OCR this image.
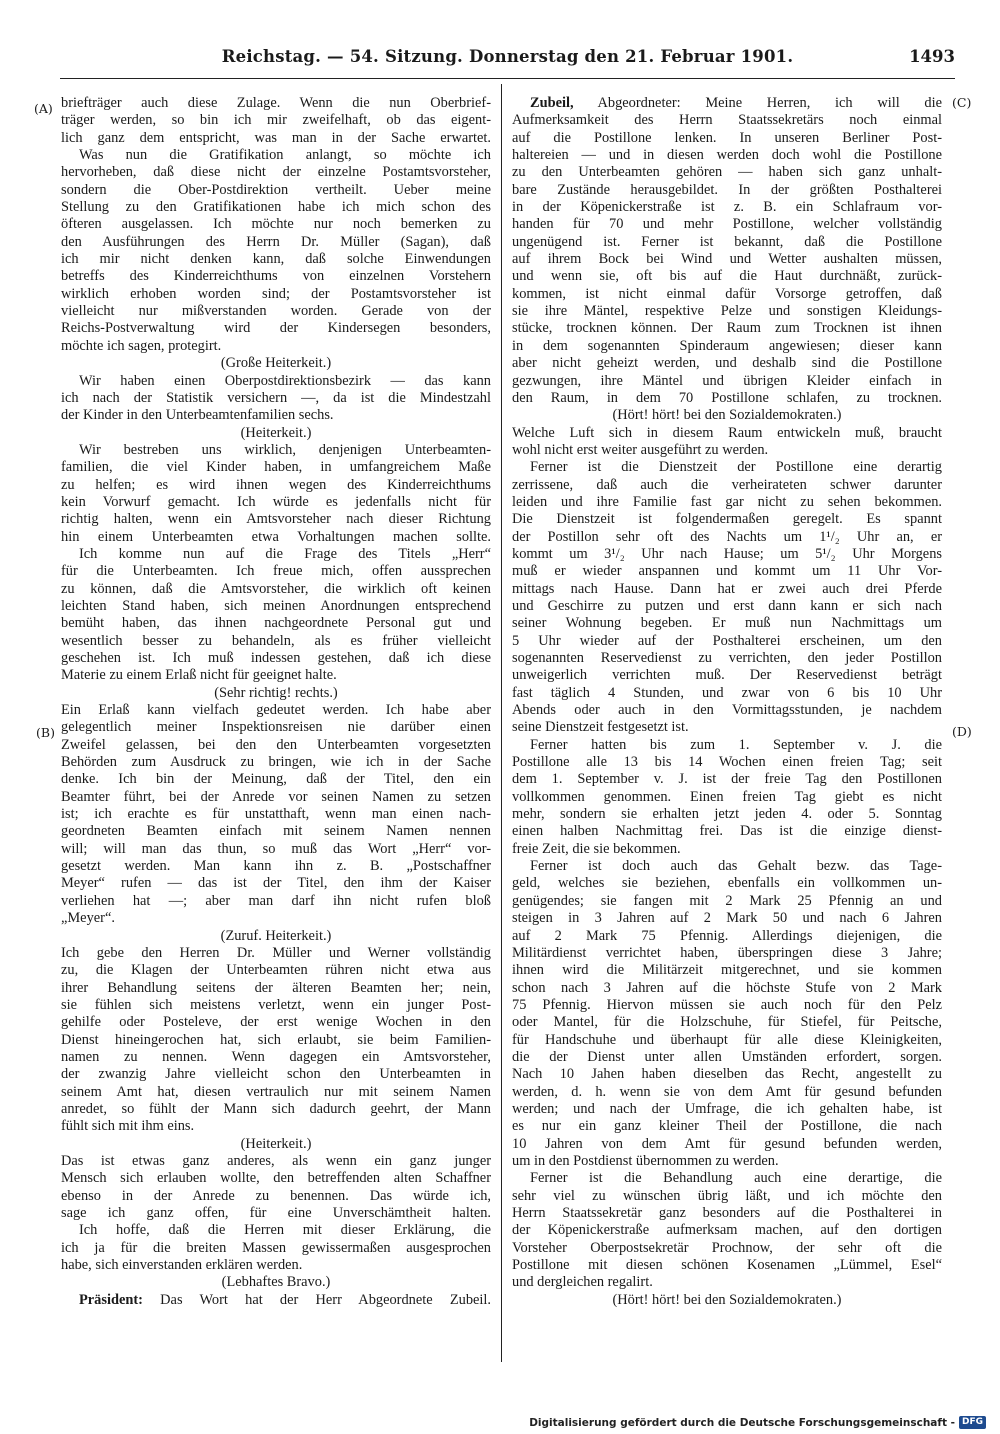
Reichstag. — 54. Sitzung. Donnerstag den 21. Februar 1901.	1493
(A)
(B)
(C)
(D)
briefträger auch diese Zulage. Wenn die nun Oberbrief-
träger werden, so bin ich mir zweifelhaft, ob das eigent-
lich ganz dem entspricht, was man in der Sache erwartet.
Was nun die Gratifikation anlangt, so möchte ich
hervorheben, daß diese nicht der einzelne Postamtsvorsteher,
sondern die Ober-Postdirektion vertheilt. Ueber meine
Stellung zu den Gratifikationen habe ich mich schon des
öfteren ausgelassen. Ich möchte nur noch bemerken zu
den Ausführungen des Herrn Dr. Müller (Sagan), daß
ich mir nicht denken kann, daß solche Einwendungen
betreffs des Kinderreichthums von einzelnen Vorstehern
wirklich erhoben worden sind; der Postamtsvorsteher ist
vielleicht nur mißverstanden worden. Gerade von der
Reichs-Postverwaltung wird der Kindersegen besonders,
möchte ich sagen, protegirt.
(Große Heiterkeit.)
Wir haben einen Oberpostdirektionsbezirk — das kann
ich nach der Statistik versichern —, da ist die Mindestzahl
der Kinder in den Unterbeamtenfamilien sechs.
(Heiterkeit.)
Wir bestreben uns wirklich, denjenigen Unterbeamten-
familien, die viel Kinder haben, in umfangreichem Maße
zu helfen; es wird ihnen wegen des Kinderreichthums
kein Vorwurf gemacht. Ich würde es jedenfalls nicht für
richtig halten, wenn ein Amtsvorsteher nach dieser Richtung
hin einem Unterbeamten etwa Vorhaltungen machen sollte.
Ich komme nun auf die Frage des Titels „Herr“
für die Unterbeamten. Ich freue mich, offen aussprechen
zu können, daß die Amtsvorsteher, die wirklich oft keinen
leichten Stand haben, sich meinen Anordnungen entsprechend
bemüht haben, das ihnen nachgeordnete Personal gut und
wesentlich besser zu behandeln, als es früher vielleicht
geschehen ist. Ich muß indessen gestehen, daß ich diese
Materie zu einem Erlaß nicht für geeignet halte.
(Sehr richtig! rechts.)
Ein Erlaß kann vielfach gedeutet werden. Ich habe aber
gelegentlich meiner Inspektionsreisen nie darüber einen
Zweifel gelassen, bei den den Unterbeamten vorgesetzten
Behörden zum Ausdruck zu bringen, wie ich in der Sache
denke. Ich bin der Meinung, daß der Titel, den ein
Beamter führt, bei der Anrede vor seinen Namen zu setzen
ist; ich erachte es für unstatthaft, wenn man einen nach-
geordneten Beamten einfach mit seinem Namen nennen
will; will man das thun, so muß das Wort „Herr“ vor-
gesetzt werden. Man kann ihn z. B. „Postschaffner
Meyer“ rufen — das ist der Titel, den ihm der Kaiser
verliehen hat —; aber man darf ihn nicht rufen bloß
„Meyer“.
(Zuruf. Heiterkeit.)
Ich gebe den Herren Dr. Müller und Werner vollständig
zu, die Klagen der Unterbeamten rühren nicht etwa aus
ihrer Behandlung seitens der älteren Beamten her; nein,
sie fühlen sich meistens verletzt, wenn ein junger Post-
gehilfe oder Posteleve, der erst wenige Wochen in den
Dienst hineingerochen hat, sich erlaubt, sie beim Familien-
namen zu nennen. Wenn dagegen ein Amtsvorsteher,
der zwanzig Jahre vielleicht schon den Unterbeamten in
seinem Amt hat, diesen vertraulich nur mit seinem Namen
anredet, so fühlt der Mann sich dadurch geehrt, der Mann
fühlt sich mit ihm eins.
(Heiterkeit.)
Das ist etwas ganz anderes, als wenn ein ganz junger
Mensch sich erlauben wollte, den betreffenden alten Schaffner
ebenso in der Anrede zu benennen. Das würde ich,
sage ich ganz offen, für eine Unverschämtheit halten.
Ich hoffe, daß die Herren mit dieser Erklärung, die
ich ja für die breiten Massen gewissermaßen ausgesprochen
habe, sich einverstanden erklären werden.
(Lebhaftes Bravo.)
Präsident: Das Wort hat der Herr Abgeordnete Zubeil.
Zubeil, Abgeordneter: Meine Herren, ich will die
Aufmerksamkeit des Herrn Staatssekretärs noch einmal
auf die Postillone lenken. In unseren Berliner Post-
haltereien — und in diesen werden doch wohl die Postillone
zu den Unterbeamten gehören — haben sich ganz unhalt-
bare Zustände herausgebildet. In der größten Posthalterei
in der Köpenickerstraße ist z. B. ein Schlafraum vor-
handen für 70 und mehr Postillone, welcher vollständig
ungenügend ist. Ferner ist bekannt, daß die Postillone
auf ihrem Bock bei Wind und Wetter aushalten müssen,
und wenn sie, oft bis auf die Haut durchnäßt, zurück-
kommen, ist nicht einmal dafür Vorsorge getroffen, daß
sie ihre Mäntel, respektive Pelze und sonstigen Kleidungs-
stücke, trocknen können. Der Raum zum Trocknen ist ihnen
in dem sogenannten Spinderaum angewiesen; dieser kann
aber nicht geheizt werden, und deshalb sind die Postillone
gezwungen, ihre Mäntel und übrigen Kleider einfach in
den Raum, in dem 70 Postillone schlafen, zu trocknen.
(Hört! hört! bei den Sozialdemokraten.)
Welche Luft sich in diesem Raum entwickeln muß, braucht
wohl nicht erst weiter ausgeführt zu werden.
Ferner ist die Dienstzeit der Postillone eine derartig
zerrissene, daß auch die verheirateten schwer darunter
leiden und ihre Familie fast gar nicht zu sehen bekommen.
Die Dienstzeit ist folgendermaßen geregelt. Es spannt
der Postillon sehr oft des Nachts um 1¹/₂ Uhr an, er
kommt um 3¹/₂ Uhr nach Hause; um 5¹/₂ Uhr Morgens
muß er wieder anspannen und kommt um 11 Uhr Vor-
mittags nach Hause. Dann hat er zwei auch drei Pferde
und Geschirre zu putzen und erst dann kann er sich nach
seiner Wohnung begeben. Er muß nun Nachmittags um
5 Uhr wieder auf der Posthalterei erscheinen, um den
sogenannten Reservedienst zu verrichten, den jeder Postillon
unweigerlich verrichten muß. Der Reservedienst beträgt
fast täglich 4 Stunden, und zwar von 6 bis 10 Uhr
Abends oder auch in den Vormittagsstunden, je nachdem
seine Dienstzeit festgesetzt ist.
Ferner hatten bis zum 1. September v. J. die
Postillone alle 13 bis 14 Wochen einen freien Tag; seit
dem 1. September v. J. ist der freie Tag den Postillonen
vollkommen genommen. Einen freien Tag giebt es nicht
mehr, sondern sie erhalten jetzt jeden 4. oder 5. Sonntag
einen halben Nachmittag frei. Das ist die einzige dienst-
freie Zeit, die sie bekommen.
Ferner ist doch auch das Gehalt bezw. das Tage-
geld, welches sie beziehen, ebenfalls ein vollkommen un-
genügendes; sie fangen mit 2 Mark 25 Pfennig an und
steigen in 3 Jahren auf 2 Mark 50 und nach 6 Jahren
auf 2 Mark 75 Pfennig. Allerdings diejenigen, die
Militärdienst verrichtet haben, überspringen diese 3 Jahre;
ihnen wird die Militärzeit mitgerechnet, und sie kommen
schon nach 3 Jahren auf die höchste Stufe von 2 Mark
75 Pfennig. Hiervon müssen sie auch noch für den Pelz
oder Mantel, für die Holzschuhe, für Stiefel, für Peitsche,
für Handschuhe und überhaupt für alle diese Kleinigkeiten,
die der Dienst unter allen Umständen erfordert, sorgen.
Nach 10 Jahen haben dieselben das Recht, angestellt zu
werden, d. h. wenn sie von dem Amt für gesund befunden
werden; und nach der Umfrage, die ich gehalten habe, ist
es nur ein ganz kleiner Theil der Postillone, die nach
10 Jahren von dem Amt für gesund befunden werden,
um in den Postdienst übernommen zu werden.
Ferner ist die Behandlung auch eine derartige, die
sehr viel zu wünschen übrig läßt, und ich möchte den
Herrn Staatssekretär ganz besonders auf die Posthalterei in
der Köpenickerstraße aufmerksam machen, auf den dortigen
Vorsteher Oberpostsekretär Prochnow, der sehr oft die
Postillone mit diesen schönen Kosenamen „Lümmel, Esel“
und dergleichen regalirt.
(Hört! hört! bei den Sozialdemokraten.)
Digitalisierung gefördert durch die Deutsche Forschungsgemeinschaft - DFG
